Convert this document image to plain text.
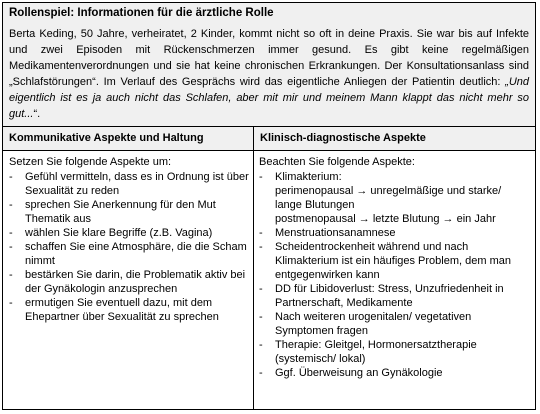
Rollenspiel: Informationen für die ärztliche Rolle
Berta Keding, 50 Jahre, verheiratet, 2 Kinder, kommt nicht so oft in deine Praxis. Sie war bis auf Infekte und zwei Episoden mit Rückenschmerzen immer gesund. Es gibt keine regelmäßigen Medikamentenverordnungen und sie hat keine chronischen Erkrankungen. Der Konsultationsanlass sind „Schlafstörungen“. Im Verlauf des Gesprächs wird das eigentliche Anliegen der Patientin deutlich: „Und eigentlich ist es ja auch nicht das Schlafen, aber mit mir und meinem Mann klappt das nicht mehr so gut...“.
Kommunikative Aspekte und Haltung	Klinisch-diagnostische Aspekte
Setzen Sie folgende Aspekte um:
- Gefühl vermitteln, dass es in Ordnung ist über Sexualität zu reden
- sprechen Sie Anerkennung für den Mut Thematik aus
- wählen Sie klare Begriffe (z.B. Vagina)
- schaffen Sie eine Atmosphäre, die die Scham nimmt
- bestärken Sie darin, die Problematik aktiv bei der Gynäkologin anzusprechen
- ermutigen Sie eventuell dazu, mit dem Ehepartner über Sexualität zu sprechen
Beachten Sie folgende Aspekte:
- Klimakterium:
perimenopausal → unregelmäßige und starke/ lange Blutungen
postmenopausal → letzte Blutung → ein Jahr
- Menstruationsanamnese
- Scheidentrockenheit während und nach Klimakterium ist ein häufiges Problem, dem man entgegenwirken kann
- DD für Libidoverlust: Stress, Unzufriedenheit in Partnerschaft, Medikamente
- Nach weiteren urogenitalen/ vegetativen Symptomen fragen
- Therapie: Gleitgel, Hormonersatztherapie (systemisch/ lokal)
- Ggf. Überweisung an Gynäkologie
